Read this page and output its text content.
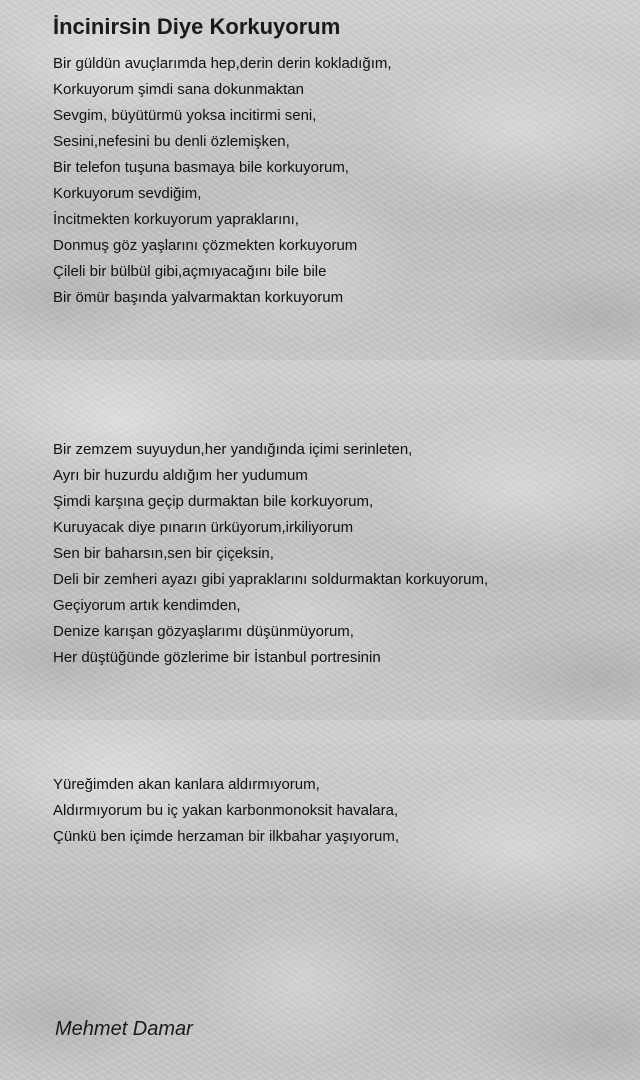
İncinirsin Diye Korkuyorum
Bir güldün avuçlarımda hep,derin derin kokladığım,
Korkuyorum şimdi sana dokunmaktan
Sevgim, büyütürmü yoksa incitirmi seni,
Sesini,nefesini bu denli özlemişken,
Bir telefon tuşuna basmaya bile korkuyorum,
Korkuyorum sevdiğim,
İncitmekten korkuyorum yapraklarını,
Donmuş göz yaşlarını çözmekten korkuyorum
Çileli bir bülbül gibi,açmıyacağını bile bile
Bir ömür başında yalvarmaktan korkuyorum
Bir zemzem suyuydun,her yandığında içimi serinleten,
Ayrı bir huzurdu aldığım her yudumum
Şimdi karşına geçip durmaktan bile korkuyorum,
Kuruyacak diye pınarın ürküyorum,irkiliyorum
Sen bir baharsın,sen bir çiçeksin,
Deli bir zemheri ayazı gibi yapraklarını soldurmaktan korkuyorum,
Geçiyorum artık kendimden,
Denize karışan gözyaşlarımı düşünmüyorum,
Her düştüğünde gözlerime bir İstanbul portresinin
Yüreğimden akan kanlara aldırmıyorum,
Aldırmıyorum bu iç yakan karbonmonoksit havalara,
Çünkü ben içimde herzaman bir ilkbahar yaşıyorum,

Mehmet Damar
